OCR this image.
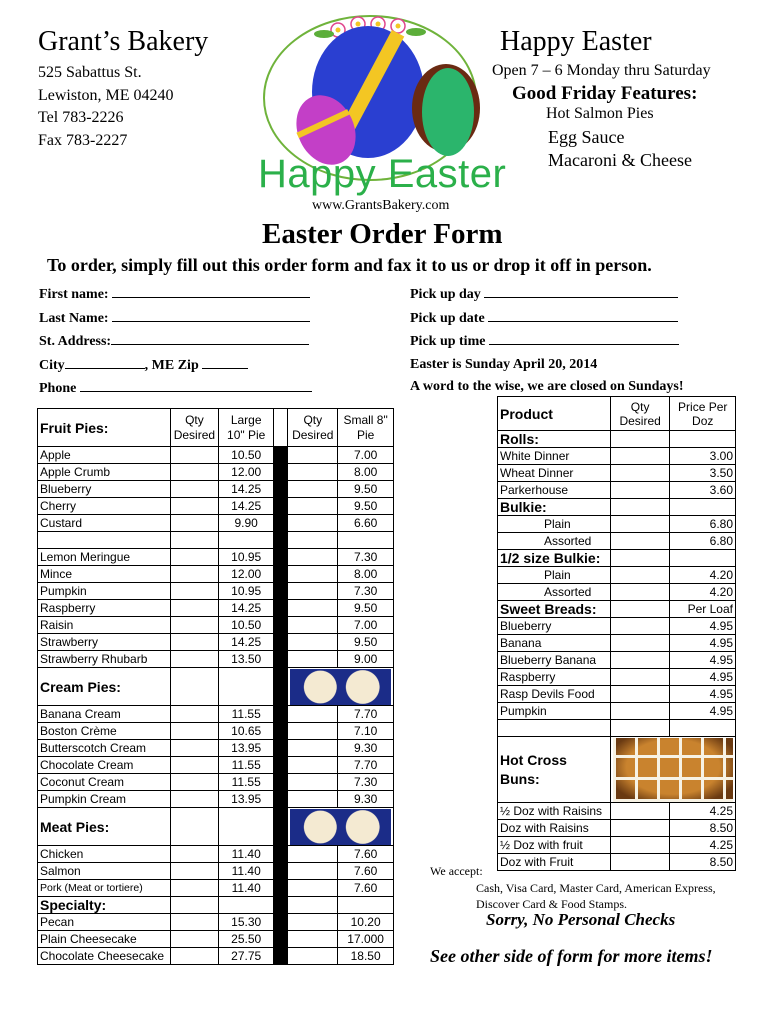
Grant’s Bakery
525 Sabattus St.
Lewiston, ME 04240
Tel 783-2226
Fax 783-2227
Happy Easter
Open 7 – 6 Monday thru Saturday
Good Friday Features:
Hot Salmon Pies
Egg Sauce
Macaroni & Cheese
Happy Easter
www.GrantsBakery.com
Easter Order Form
To order, simply fill out this order form and fax it to us or drop it off in person.
First name:
Last Name:
St. Address:
City	, ME Zip
Phone
Pick up day
Pick up date
Pick up time
Easter is Sunday April 20, 2014
A word to the wise, we are closed on Sundays!
Fruit Pies:	Qty Desired	Large 10" Pie		Qty Desired	Small 8" Pie
Apple		10.50			7.00
Apple Crumb		12.00			8.00
Blueberry		14.25			9.50
Cherry		14.25			9.50
Custard		9.90			6.60

Lemon Meringue		10.95			7.30
Mince		12.00			8.00
Pumpkin		10.95			7.30
Raspberry		14.25			9.50
Raisin		10.50			7.00
Strawberry		14.25			9.50
Strawberry Rhubarb		13.50			9.00
Cream Pies:					

Banana Cream		11.55			7.70
Boston Crème		10.65			7.10
Butterscotch Cream		13.95			9.30
Chocolate Cream		11.55			7.70
Coconut Cream		11.55			7.30
Pumpkin Cream		13.95			9.30
Meat Pies:					

Chicken		11.40			7.60
Salmon		11.40			7.60
Pork (Meat or tortiere)		11.40			7.60
Specialty:					
Pecan		15.30			10.20
Plain Cheesecake		25.50			17.000
Chocolate Cheesecake		27.75			18.50
Product	Qty Desired	Price Per Doz
Rolls:		
White Dinner		3.00
Wheat Dinner		3.50
Parkerhouse		3.60
Bulkie:		
Plain		6.80
Assorted		6.80
1/2 size Bulkie:		
Plain		4.20
Assorted		4.20
Sweet Breads:		Per Loaf
Blueberry		4.95
Banana		4.95
Blueberry Banana		4.95
Raspberry		4.95
Rasp Devils Food		4.95
Pumpkin		4.95

Hot Cross Buns:		

½ Doz with Raisins		4.25
Doz with Raisins		8.50
½ Doz with fruit		4.25
Doz with Fruit		8.50
We accept:
Cash, Visa Card, Master Card, American Express,
Discover Card & Food Stamps.
Sorry, No Personal Checks
See other side of form for more items!
